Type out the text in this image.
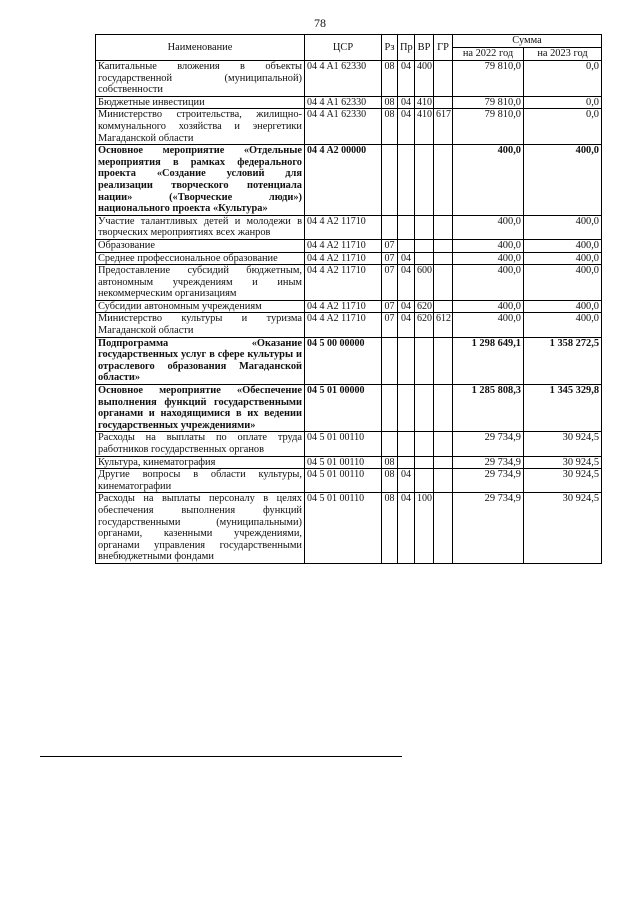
78
Наименование	ЦСР	Рз	Пр	ВР	ГР	Сумма	
						на 2022 год	на 2023 год
Капитальные вложения в объекты государственной (муниципальной) собственности	04 4 A1 62330	08	04	400		79 810,0	0,0
Бюджетные инвестиции	04 4 A1 62330	08	04	410		79 810,0	0,0
Министерство строительства, жилищно-коммунального хозяйства и энергетики Магаданской области	04 4 A1 62330	08	04	410	617	79 810,0	0,0
Основное мероприятие «Отдельные мероприятия в рамках федерального проекта «Создание условий для реализации творческого потенциала нации» («Творческие люди») национального проекта «Культура»	04 4 A2 00000					400,0	400,0
Участие талантливых детей и молодежи в творческих мероприятиях всех жанров	04 4 A2 11710					400,0	400,0
Образование	04 4 A2 11710	07				400,0	400,0
Среднее профессиональное образование	04 4 A2 11710	07	04			400,0	400,0
Предоставление субсидий бюджетным, автономным учреждениям и иным некоммерческим организациям	04 4 A2 11710	07	04	600		400,0	400,0
Субсидии автономным учреждениям	04 4 A2 11710	07	04	620		400,0	400,0
Министерство культуры и туризма Магаданской области	04 4 A2 11710	07	04	620	612	400,0	400,0
Подпрограмма «Оказание государственных услуг в сфере культуры и отраслевого образования Магаданской области»	04 5 00 00000					1 298 649,1	1 358 272,5
Основное мероприятие «Обеспечение выполнения функций государственными органами и находящимися в их ведении государственных учреждениями»	04 5 01 00000					1 285 808,3	1 345 329,8
Расходы на выплаты по оплате труда работников государственных органов	04 5 01 00110					29 734,9	30 924,5
Культура, кинематография	04 5 01 00110	08				29 734,9	30 924,5
Другие вопросы в области культуры, кинематографии	04 5 01 00110	08	04			29 734,9	30 924,5
Расходы на выплаты персоналу в целях обеспечения выполнения функций государственными (муниципальными) органами, казенными учреждениями, органами управления государственными внебюджетными фондами	04 5 01 00110	08	04	100		29 734,9	30 924,5
